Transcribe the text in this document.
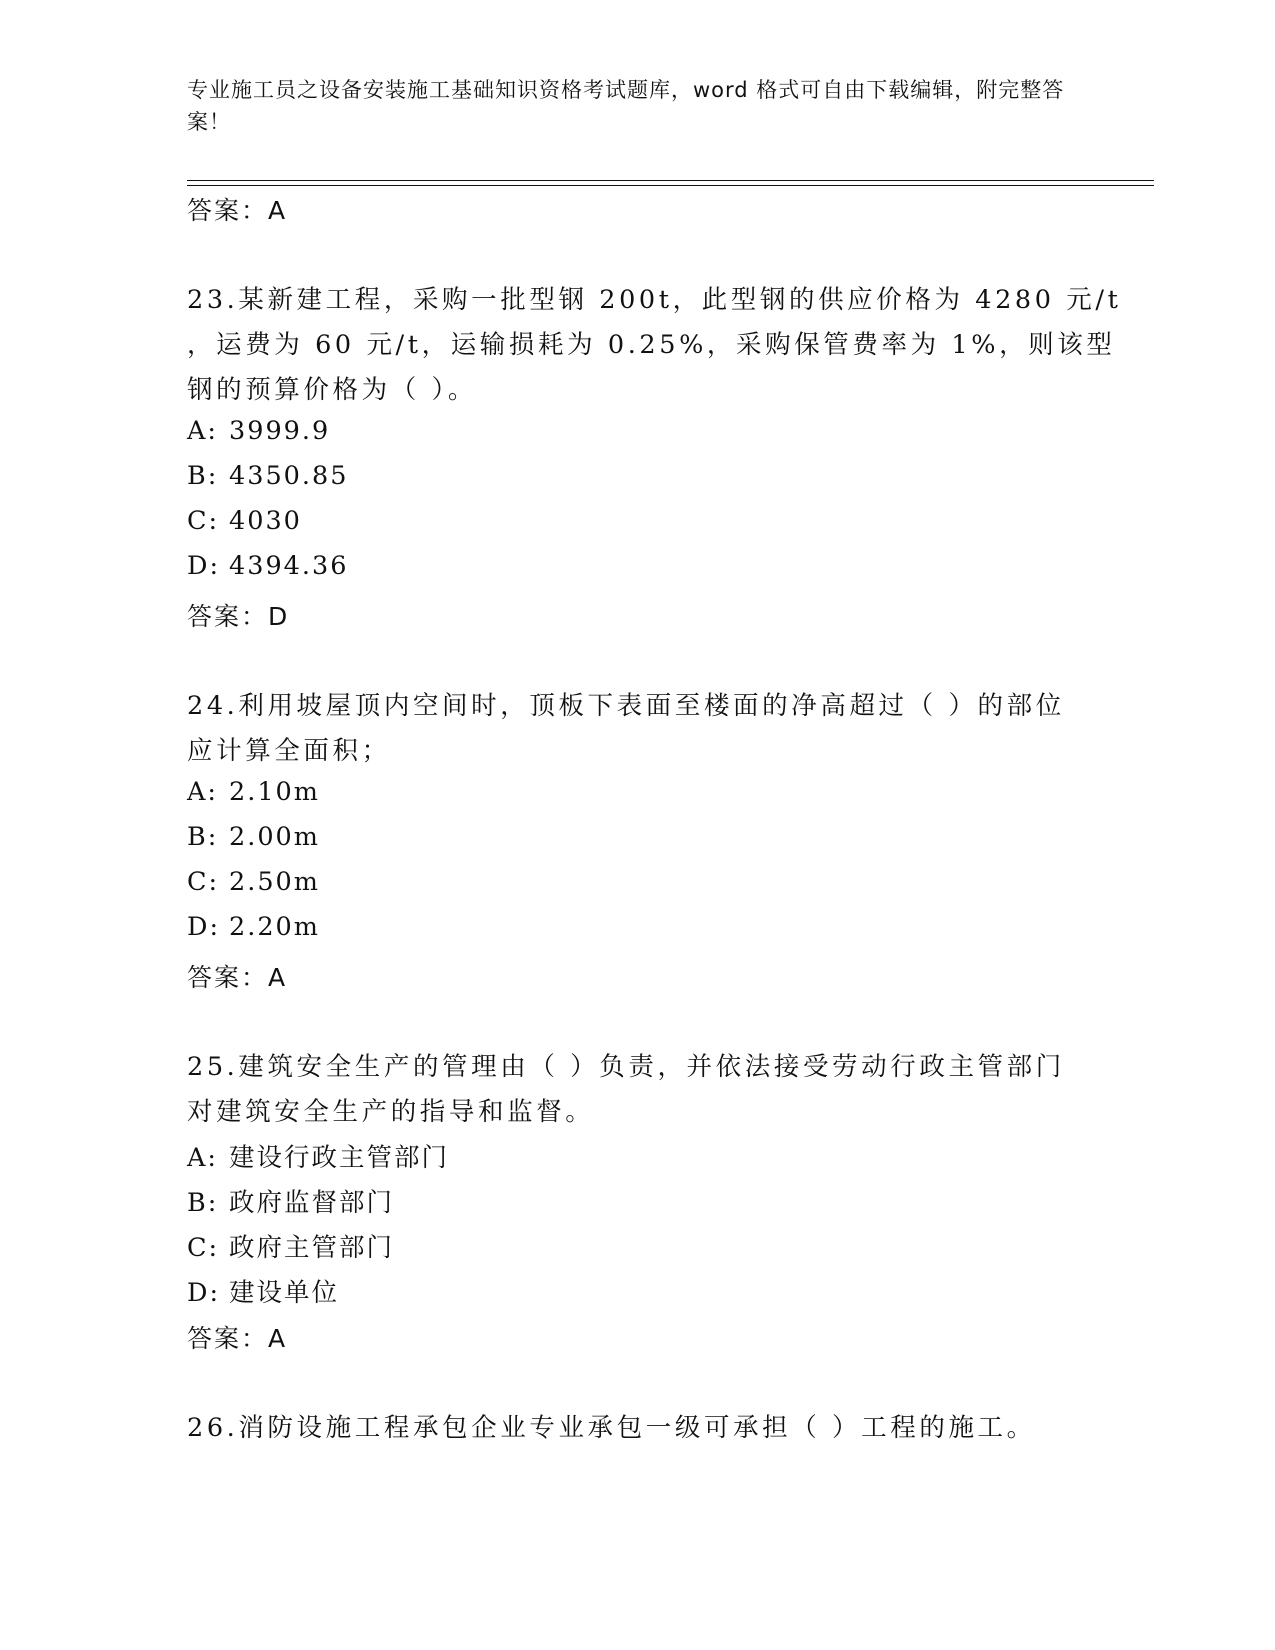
专业施工员之设备安装施工基础知识资格考试题库，word 格式可自由下载编辑，附完整答案！
答案：A
23.某新建工程，采购一批型钢 200t，此型钢的供应价格为 4280 元/t
，运费为 60 元/t，运输损耗为 0.25%，采购保管费率为 1%，则该型
钢的预算价格为（ ）。
A: 3999.9
B: 4350.85
C: 4030
D: 4394.36
答案：D
24.利用坡屋顶内空间时，顶板下表面至楼面的净高超过（ ）的部位
应计算全面积；
A: 2.10m
B: 2.00m
C: 2.50m
D: 2.20m
答案：A
25.建筑安全生产的管理由（ ）负责，并依法接受劳动行政主管部门
对建筑安全生产的指导和监督。
A: 建设行政主管部门
B: 政府监督部门
C: 政府主管部门
D: 建设单位
答案：A
26.消防设施工程承包企业专业承包一级可承担（ ）工程的施工。
